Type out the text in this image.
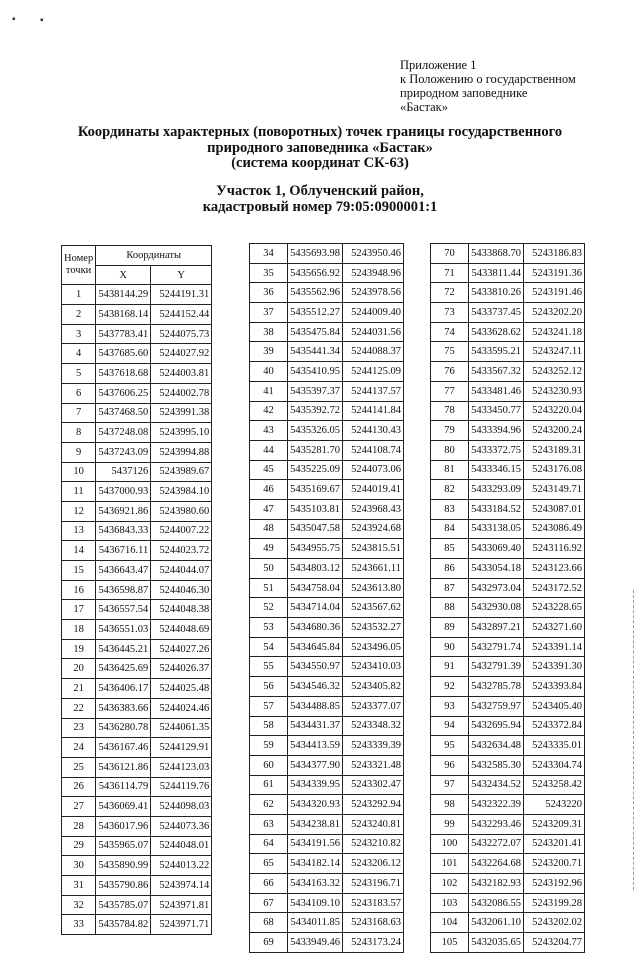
▪ ▪
Приложение 1
к Положению о государственном
природном заповеднике
«Бастак»
Координаты характерных (поворотных) точек границы государственного
природного заповедника «Бастак»
(система координат СК-63)
Участок 1, Облученский район,
кадастровый номер 79:05:0900001:1
Номер точки	Координаты	
	X	Y
1	5438144.29	5244191.31
2	5438168.14	5244152.44
3	5437783.41	5244075.73
4	5437685.60	5244027.92
5	5437618.68	5244003.81
6	5437606.25	5244002.78
7	5437468.50	5243991.38
8	5437248.08	5243995.10
9	5437243.09	5243994.88
10	5437126	5243989.67
11	5437000.93	5243984.10
12	5436921.86	5243980.60
13	5436843.33	5244007.22
14	5436716.11	5244023.72
15	5436643.47	5244044.07
16	5436598.87	5244046.30
17	5436557.54	5244048.38
18	5436551.03	5244048.69
19	5436445.21	5244027.26
20	5436425.69	5244026.37
21	5436406.17	5244025.48
22	5436383.66	5244024.46
23	5436280.78	5244061.35
24	5436167.46	5244129.91
25	5436121.86	5244123.03
26	5436114.79	5244119.76
27	5436069.41	5244098.03
28	5436017.96	5244073.36
29	5435965.07	5244048.01
30	5435890.99	5244013.22
31	5435790.86	5243974.14
32	5435785.07	5243971.81
33	5435784.82	5243971.71
34	5435693.98	5243950.46
35	5435656.92	5243948.96
36	5435562.96	5243978.56
37	5435512.27	5244009.40
38	5435475.84	5244031.56
39	5435441.34	5244088.37
40	5435410.95	5244125.09
41	5435397.37	5244137.57
42	5435392.72	5244141.84
43	5435326.05	5244130.43
44	5435281.70	5244108.74
45	5435225.09	5244073.06
46	5435169.67	5244019.41
47	5435103.81	5243968.43
48	5435047.58	5243924.68
49	5434955.75	5243815.51
50	5434803.12	5243661.11
51	5434758.04	5243613.80
52	5434714.04	5243567.62
53	5434680.36	5243532.27
54	5434645.84	5243496.05
55	5434550.97	5243410.03
56	5434546.32	5243405.82
57	5434488.85	5243377.07
58	5434431.37	5243348.32
59	5434413.59	5243339.39
60	5434377.90	5243321.48
61	5434339.95	5243302.47
62	5434320.93	5243292.94
63	5434238.81	5243240.81
64	5434191.56	5243210.82
65	5434182.14	5243206.12
66	5434163.32	5243196.71
67	5434109.10	5243183.57
68	5434011.85	5243168.63
69	5433949.46	5243173.24
70	5433868.70	5243186.83
71	5433811.44	5243191.36
72	5433810.26	5243191.46
73	5433737.45	5243202.20
74	5433628.62	5243241.18
75	5433595.21	5243247.11
76	5433567.32	5243252.12
77	5433481.46	5243230.93
78	5433450.77	5243220.04
79	5433394.96	5243200.24
80	5433372.75	5243189.31
81	5433346.15	5243176.08
82	5433293.09	5243149.71
83	5433184.52	5243087.01
84	5433138.05	5243086.49
85	5433069.40	5243116.92
86	5433054.18	5243123.66
87	5432973.04	5243172.52
88	5432930.08	5243228.65
89	5432897.21	5243271.60
90	5432791.74	5243391.14
91	5432791.39	5243391.30
92	5432785.78	5243393.84
93	5432759.97	5243405.40
94	5432695.94	5243372.84
95	5432634.48	5243335.01
96	5432585.30	5243304.74
97	5432434.52	5243258.42
98	5432322.39	5243220
99	5432293.46	5243209.31
100	5432272.07	5243201.41
101	5432264.68	5243200.71
102	5432182.93	5243192.96
103	5432086.55	5243199.28
104	5432061.10	5243202.02
105	5432035.65	5243204.77
